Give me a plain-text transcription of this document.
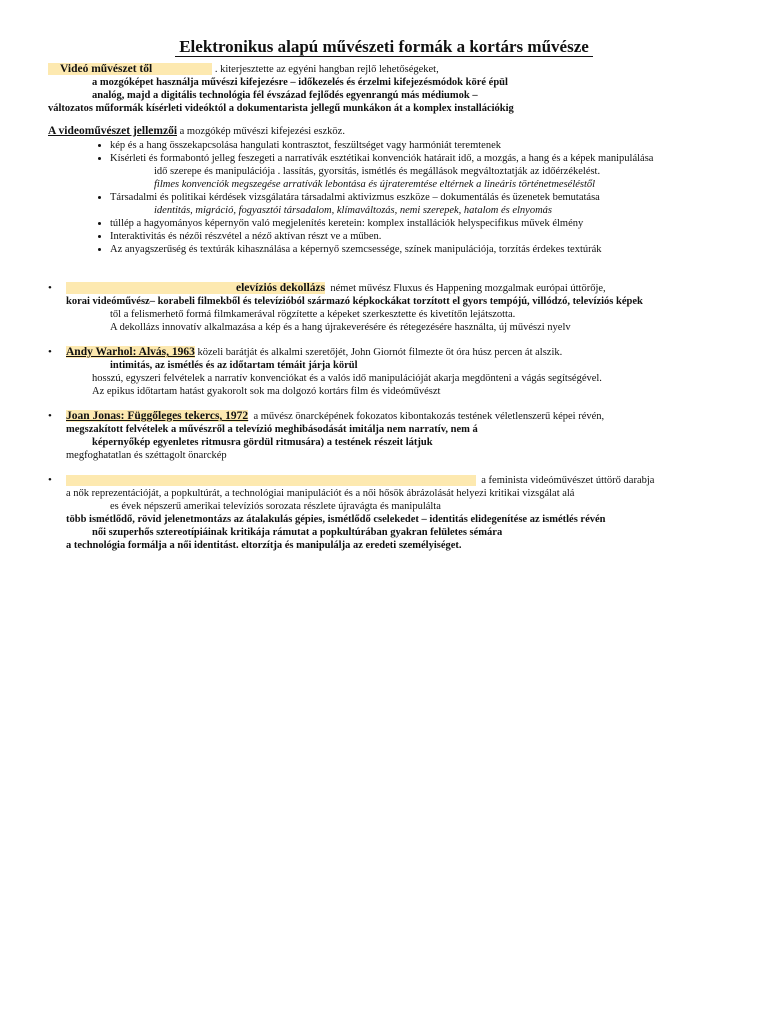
Elektronikus alapú művészeti formák a kortárs művésze

Videó művészet től	. kiterjesztette az egyéni hangban rejlő lehetőségeket,

a mozgóképet használja művészi kifejezésre – időkezelés és érzelmi kifejezésmódok köré épül

analóg, majd a digitális technológia fél évszázad fejlődés egyenrangú más médiumok –

változatos műformák kísérleti videóktól a dokumentarista jellegű munkákon át a komplex installációkig

A videoművészet jellemzői a mozgókép művészi kifejezési eszköz.

• kép és a hang összekapcsolása hangulati kontrasztot, feszültséget vagy harmóniát teremtenek
• Kísérleti és formabontó jelleg feszegeti a narratívák esztétikai konvenciók határait idő, a mozgás, a hang és a képek manipulálása

idő szerepe és manipulációja . lassítás, gyorsítás, ismétlés és megállások megváltoztatják az időérzékelést.

filmes konvenciók megszegése arratívák lebontása és újrateremtése eltérnek a lineáris történetmeséléstől

• Társadalmi és politikai kérdések vizsgálatára társadalmi aktivizmus eszköze – dokumentálás és üzenetek bemutatása

identitás, migráció, fogyasztói társadalom, klímaváltozás, nemi szerepek, hatalom és elnyomás

• túllép a hagyományos képernyőn való megjelenítés keretein: komplex installációk helyspecifikus művek élmény
• Interaktivitás és nézői részvétel a néző aktívan részt ve a műben.
• Az anyagszerűség és textúrák kihasználása a képernyő szemcsessége, színek manipulációja, torzítás érdekes textúrák

• elevíziós dekollázs német művész Fluxus és Happening mozgalmak európai úttörője,

korai videóművész– korabeli filmekből és televízióból származó képkockákat torzított el gyors tempójú, villódzó, televíziós képek

től a felismerhető formá filmkamerával rögzítette a képeket szerkesztette és kivetítőn lejátszotta.

A dekollázs innovatív alkalmazása a kép és a hang újrakeverésére és rétegezésére használta, új művészi nyelv

• Andy Warhol: Alvás, 1963 közeli barátját és alkalmi szeretőjét, John Giornót filmezte öt óra húsz percen át alszik.

intimitás, az ismétlés és az időtartam témáit járja körül

hosszú, egyszeri felvételek a narratív konvenciókat és a valós idő manipulációját akarja megdönteni a vágás segítségével.

Az epikus időtartam hatást gyakorolt sok ma dolgozó kortárs film és videóművészt

• Joan Jonas: Függőleges tekercs, 1972 a művész önarcképének fokozatos kibontakozás testének véletlenszerű képei révén,

megszakított felvételek a művészről a televízió meghibásodását imitálja nem narratív, nem á

képernyőkép egyenletes ritmusra gördül ritmusára) a testének részeit látjuk

megfoghatatlan és széttagolt önarckép

• a feminista videóművészet úttörő darabja

a nők reprezentációját, a popkultúrát, a technológiai manipulációt és a női hősök ábrázolását helyezi kritikai vizsgálat alá

es évek népszerű amerikai televíziós sorozata részlete újravágta és manipulálta

több ismétlődő, rövid jelenetmontázs az átalakulás gépies, ismétlődő cselekedet – identitás elidegenítése az ismétlés révén

női szuperhős sztereotípiáinak kritikája rámutat a popkultúrában gyakran felületes sémára

a technológia formálja a női identitást. eltorzítja és manipulálja az eredeti személyiséget.
